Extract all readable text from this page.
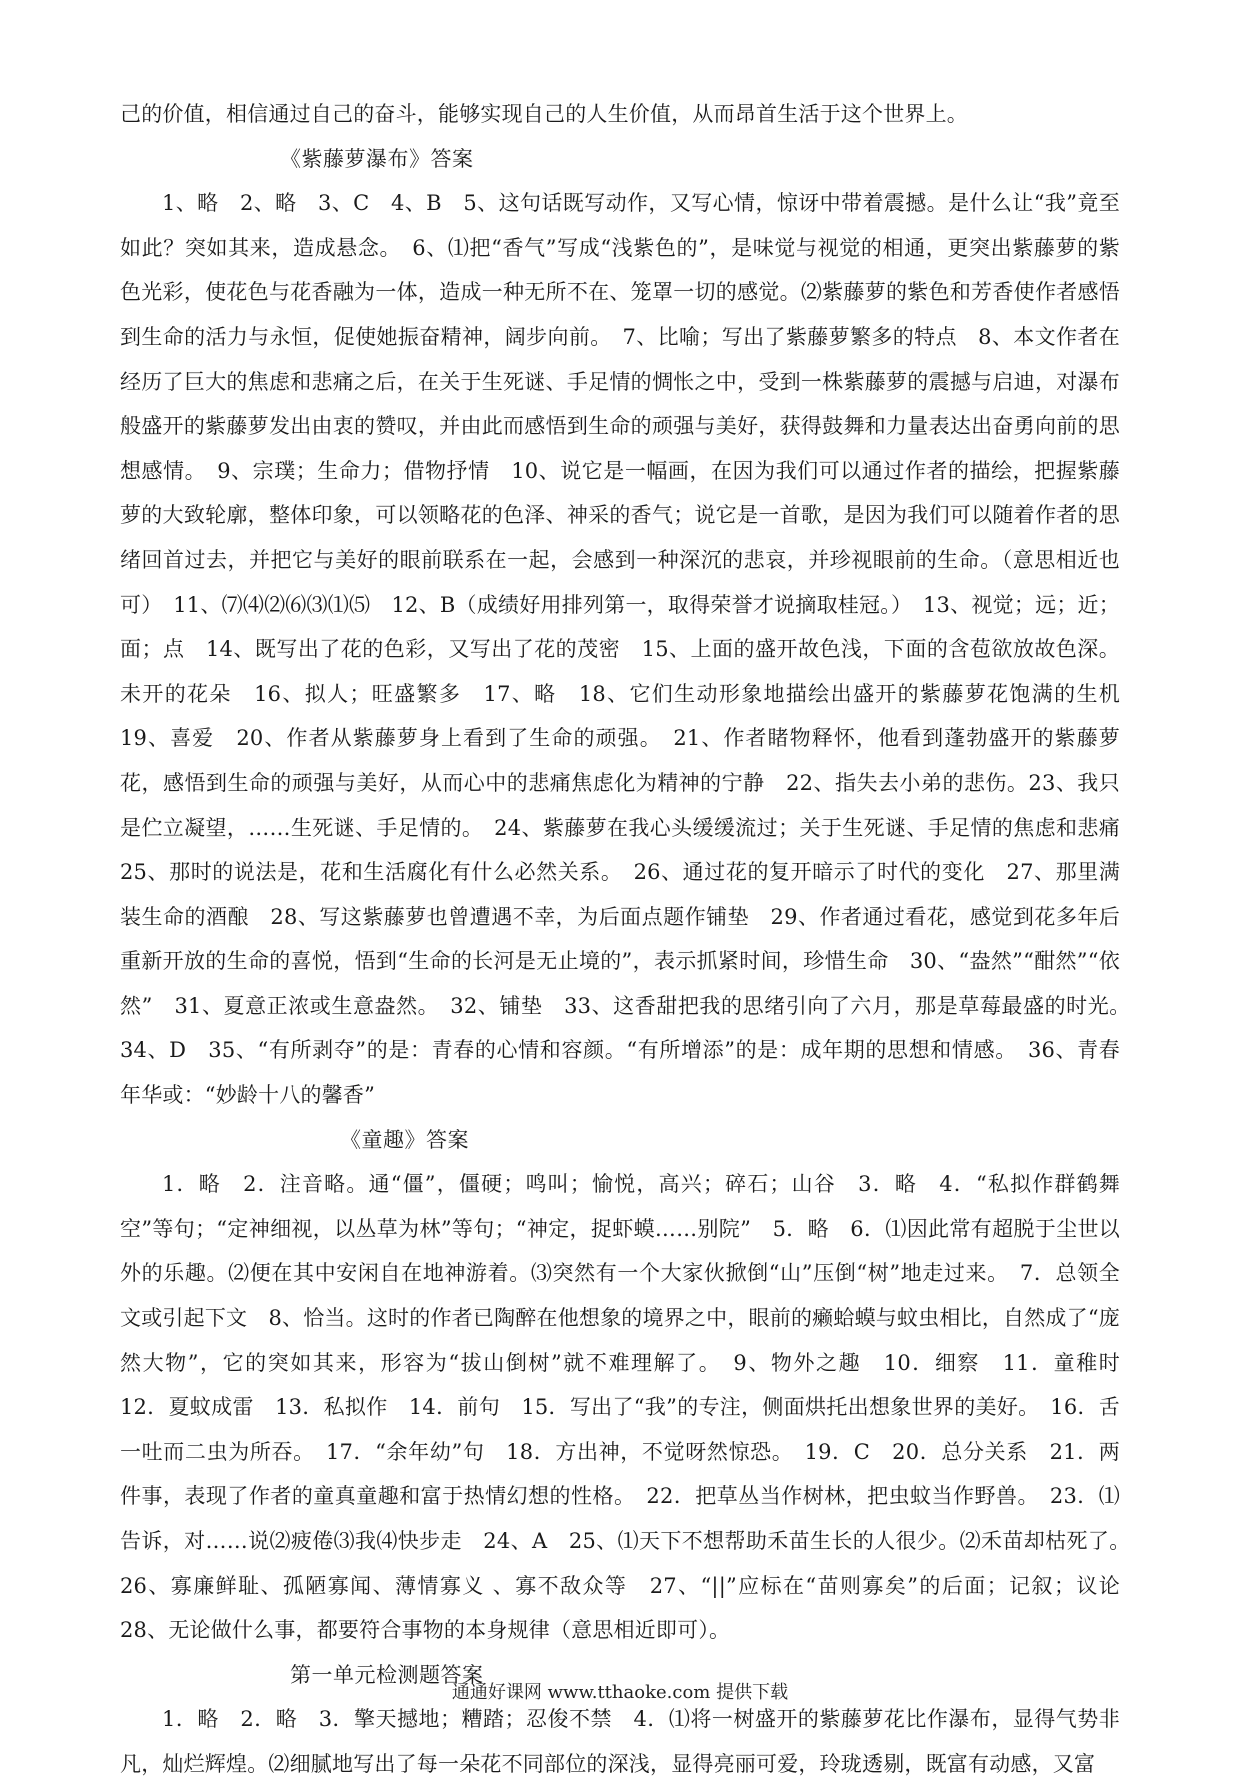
己的价值，相信通过自己的奋斗，能够实现自己的人生价值，从而昂首生活于这个世界上。

《紫藤萝瀑布》答案

1、略　2、略　3、C　4、B　5、这句话既写动作，又写心情，惊讶中带着震撼。是什么让“我”竟至如此？突如其来，造成悬念。　6、⑴把“香气”写成“浅紫色的”，是味觉与视觉的相通，更突出紫藤萝的紫色光彩，使花色与花香融为一体，造成一种无所不在、笼罩一切的感觉。⑵紫藤萝的紫色和芳香使作者感悟到生命的活力与永恒，促使她振奋精神，阔步向前。　7、比喻；写出了紫藤萝繁多的特点　8、本文作者在经历了巨大的焦虑和悲痛之后，在关于生死谜、手足情的惆怅之中，受到一株紫藤萝的震撼与启迪，对瀑布般盛开的紫藤萝发出由衷的赞叹，并由此而感悟到生命的顽强与美好，获得鼓舞和力量表达出奋勇向前的思想感情。　9、宗璞；生命力；借物抒情　10、说它是一幅画，在因为我们可以通过作者的描绘，把握紫藤萝的大致轮廓，整体印象，可以领略花的色泽、神采的香气；说它是一首歌，是因为我们可以随着作者的思绪回首过去，并把它与美好的眼前联系在一起，会感到一种深沉的悲哀，并珍视眼前的生命。（意思相近也可）　11、⑺⑷⑵⑹⑶⑴⑸　12、B（成绩好用排列第一，取得荣誉才说摘取桂冠。）　13、视觉；远；近；面；点　14、既写出了花的色彩，又写出了花的茂密　15、上面的盛开故色浅，下面的含苞欲放故色深。未开的花朵　16、拟人；旺盛繁多　17、略　18、它们生动形象地描绘出盛开的紫藤萝花饱满的生机　19、喜爱　20、作者从紫藤萝身上看到了生命的顽强。　21、作者睹物释怀，他看到蓬勃盛开的紫藤萝花，感悟到生命的顽强与美好，从而心中的悲痛焦虑化为精神的宁静　22、指失去小弟的悲伤。23、我只是伫立凝望，……生死谜、手足情的。　24、紫藤萝在我心头缓缓流过；关于生死谜、手足情的焦虑和悲痛　25、那时的说法是，花和生活腐化有什么必然关系。　26、通过花的复开暗示了时代的变化　27、那里满装生命的酒酿　28、写这紫藤萝也曾遭遇不幸，为后面点题作铺垫　29、作者通过看花，感觉到花多年后重新开放的生命的喜悦，悟到“生命的长河是无止境的”，表示抓紧时间，珍惜生命　30、“盎然”“酣然”“依然”　31、夏意正浓或生意盎然。　32、铺垫　33、这香甜把我的思绪引向了六月，那是草莓最盛的时光。　34、D　35、“有所剥夺”的是：青春的心情和容颜。“有所增添”的是：成年期的思想和情感。　36、青春年华或：“妙龄十八的馨香”

《童趣》答案

1．略　2．注音略。通“僵”，僵硬；鸣叫；愉悦，高兴；碎石；山谷　3．略　4．“私拟作群鹤舞空”等句；“定神细视，以丛草为林”等句；“神定，捉虾蟆……别院”　5．略　6．⑴因此常有超脱于尘世以外的乐趣。⑵便在其中安闲自在地神游着。⑶突然有一个大家伙掀倒“山”压倒“树”地走过来。　7．总领全文或引起下文　8、恰当。这时的作者已陶醉在他想象的境界之中，眼前的癞蛤蟆与蚊虫相比，自然成了“庞然大物”，它的突如其来，形容为“拔山倒树”就不难理解了。　9、物外之趣　10．细察　11．童稚时　12．夏蚊成雷　13．私拟作　14．前句　15．写出了“我”的专注，侧面烘托出想象世界的美好。　16．舌一吐而二虫为所吞。　17．“余年幼”句　18．方出神，不觉呀然惊恐。　19．C　20．总分关系　21．两件事，表现了作者的童真童趣和富于热情幻想的性格。　22．把草丛当作树林，把虫蚊当作野兽。　23．⑴告诉，对……说⑵疲倦⑶我⑷快步走　24、A　25、⑴天下不想帮助禾苗生长的人很少。⑵禾苗却枯死了。　26、寡廉鲜耻、孤陋寡闻、薄情寡义 、寡不敌众等　27、“||”应标在“苗则寡矣”的后面；记叙；议论　28、无论做什么事，都要符合事物的本身规律（意思相近即可）。

第一单元检测题答案

1．略　2．略　3．擎天撼地；糟踏；忍俊不禁　4．⑴将一树盛开的紫藤萝花比作瀑布，显得气势非凡，灿烂辉煌。⑵细腻地写出了每一朵花不同部位的深浅，显得亮丽可爱，玲珑透剔，既富有动感，又富

通通好课网 www.tthaoke.com 提供下载
